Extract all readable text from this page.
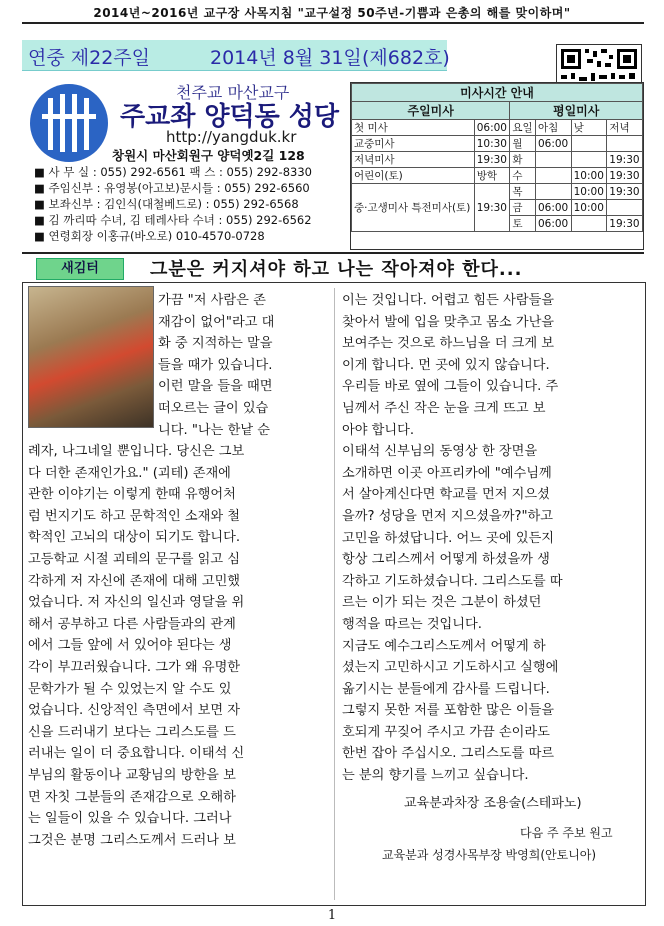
2014년~2016년 교구장 사목지침 "교구설정 50주년-기쁨과 은총의 해를 맞이하며"
연중 제22주일	2014년 8월 31일 (제682호)
천주교 마산교구
주교좌 양덕동 성당
http://yangduk.kr
창원시 마산회원구 양덕옛2길 128
■ 사 무 실 : 055) 292-6561 팩 스 : 055) 292-8330
■ 주임신부 : 유영봉(아고보)문시들 : 055) 292-6560
■ 보좌신부 : 김인식(대철베드로) : 055) 292-6568
■ 김 까리따 수녀, 김 테레사타 수녀 : 055) 292-6562
■ 연령회장 이홍규(바오로) 010-4570-0728
미사시간 안내					
주일미사		평일미사			
첫 미사	06:00	요일	아침	낮	저녁
교중미사	10:30	월	06:00		
저녁미사	19:30	화			19:30
어린이(토)	방학	수		10:00	19:30
중·고생미사 특전미사(토)	19:30	목		10:00	19:30
		금	06:00	10:00	
		토	06:00		19:30
새김터	그분은 커지셔야 하고 나는 작아져야 한다...
가끔 "저 사람은 존
재감이 없어"라고 대
화 중 지적하는 말을
들을 때가 있습니다.
이런 말을 들을 때면
떠오르는 글이 있습
니다. "나는 한낱 순
례자, 나그네일 뿐입니다. 당신은 그보
다 더한 존재인가요." (괴테) 존재에
관한 이야기는 이렇게 한때 유행어처
럼 번지기도 하고 문학적인 소재와 철
학적인 고뇌의 대상이 되기도 합니다.
고등학교 시절 괴테의 문구를 읽고 심
각하게 저 자신에 존재에 대해 고민했
었습니다. 저 자신의 일신과 영달을 위
해서 공부하고 다른 사람들과의 관계
에서 그들 앞에 서 있어야 된다는 생
각이 부끄러웠습니다. 그가 왜 유명한
문학가가 될 수 있었는지 알 수도 있
었습니다. 신앙적인 측면에서 보면 자
신을 드러내기 보다는 그리스도를 드
러내는 일이 더 중요합니다. 이태석 신
부님의 활동이나 교황님의 방한을 보
면 자칫 그분들의 존재감으로 오해하
는 일들이 있을 수 있습니다. 그러나
그것은 분명 그리스도께서 드러나 보
이는 것입니다. 어렵고 힘든 사람들을
찾아서 발에 입을 맞추고 몸소 가난을
보여주는 것으로 하느님을 더 크게 보
이게 합니다. 먼 곳에 있지 않습니다.
우리들 바로 옆에 그들이 있습니다. 주
님께서 주신 작은 눈을 크게 뜨고 보
아야 합니다.
이태석 신부님의 동영상 한 장면을
소개하면 이곳 아프리카에 "예수님께
서 살아계신다면 학교를 먼저 지으셨
을까? 성당을 먼저 지으셨을까?"하고
고민을 하셨답니다. 어느 곳에 있든지
항상 그리스께서 어떻게 하셨을까 생
각하고 기도하셨습니다. 그리스도를 따
르는 이가 되는 것은 그분이 하셨던
행적을 따르는 것입니다.
지금도 예수그리스도께서 어떻게 하
셨는지 고민하시고 기도하시고 실행에
옮기시는 분들에게 감사를 드립니다.
그렇지 못한 저를 포함한 많은 이들을
호되게 꾸짖어 주시고 가끔 손이라도
한번 잡아 주십시오. 그리스도를 따르
는 분의 향기를 느끼고 싶습니다.
교육분과차장 조용술(스테파노)
다음 주 주보 원고
교육분과 성경사목부장 박영희(안토니아)
1
